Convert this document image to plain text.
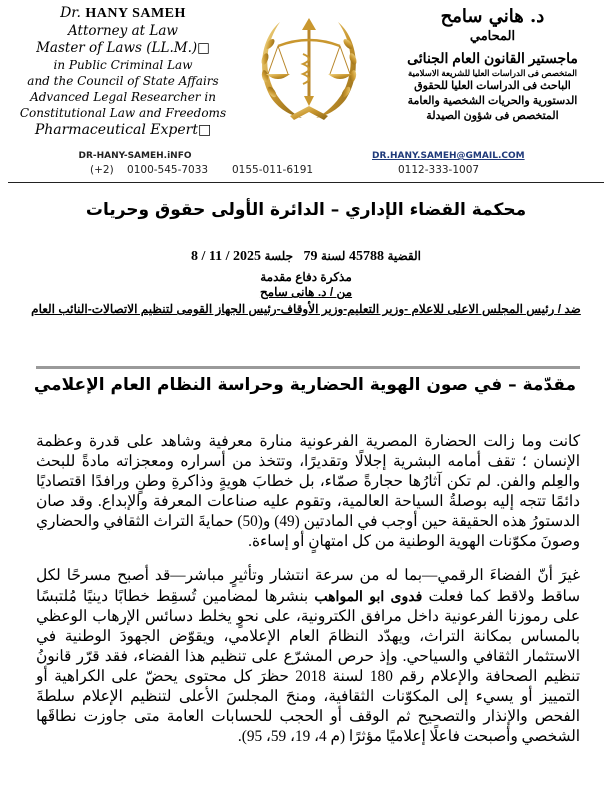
Dr. HANY SAMEH
Attorney at Law
Master of Laws (LL.M.)□
in Public Criminal Law
and the Council of State Affairs
Advanced Legal Researcher in
Constitutional Law and Freedoms
Pharmaceutical Expert□
د. هاني سامح
المحامي
ماجستير القانون العام الجنائى
المتخصص فى الدراسات العليا للشريعة الاسلامية
الباحث فى الدراسات العليا للحقوق
الدستورية والحريات الشخصية والعامة
المتخصص فى شؤون الصيدلة
DR-HANY-SAMEH.iNFO	DR.HANY.SAMEH@GMAIL.COM
(+2) 0100-545-7033 0155-011-6191	0112-333-1007
محكمة القضاء الإداري – الدائرة الأولى حقوق وحريات
القضية 45788 لسنة 79   جلسة 8 / 11 / 2025
مذكرة دفاع مقدمة
من / د. هانى سامح
ضد / رئيس المجلس الاعلى للاعلام -وزير التعليم-وزير الأوقاف-رئيس الجهاز القومى لتنظيم الاتصالات-النائب العام
مقدّمة – في صون الهوية الحضارية وحراسة النظام العام الإعلامي
كانت وما زالت الحضارة المصرية الفرعونية منارة معرفية وشاهد على قدرة وعظمة الإنسان ؛ تقف أمامه البشرية إجلالًا وتقديرًا، وتتخذ من أسراره ومعجزاته مادةً للبحث والعِلم والفن. لم تكن آثارُها حجارةً صمّاء، بل خطابَ هويةٍ وذاكرةِ وطنٍ ورافدًا اقتصاديًا دائمًا تتجه إليه بوصلةُ السياحة العالمية، وتقوم عليه صناعات المعرفة والإبداع. وقد صان الدستورُ هذه الحقيقة حين أوجب في المادتين (49) و(50) حمايةَ التراث الثقافي والحضاري وصونَ مكوّنات الهوية الوطنية من كل امتهانٍ أو إساءة.
غيرَ أنّ الفضاءَ الرقمي—بما له من سرعة انتشار وتأثيرٍ مباشر—قد أصبح مسرحًا لكل ساقط ولاقط كما فعلت فدوى ابو المواهب بنشرها لمضامين تُسقِط خطابًا دينيًا مُلتبسًا على رموزنا الفرعونية داخل مرافق الكترونية، على نحوٍ يخلط دسائس الإرهاب الوعظي بالمساس بمكانة التراث، ويهدّد النظامَ العام الإعلامي، ويقوّض الجهودَ الوطنية في الاستثمار الثقافي والسياحي. وإذ حرص المشرّع على تنظيم هذا الفضاء، فقد قرّر قانونُ تنظيم الصحافة والإعلام رقم 180 لسنة 2018 حظرَ كل محتوى يحضّ على الكراهية أو التمييز أو يسيء إلى المكوّنات الثقافية، ومنحَ المجلسَ الأعلى لتنظيم الإعلام سلطةَ الفحص والإنذار والتصحيح ثم الوقف أو الحجب للحسابات العامة متى جاوزت نطاقَها الشخصي وأصبحت فاعلًا إعلاميًا مؤثرًا (م 4، 19، 59، 95).
